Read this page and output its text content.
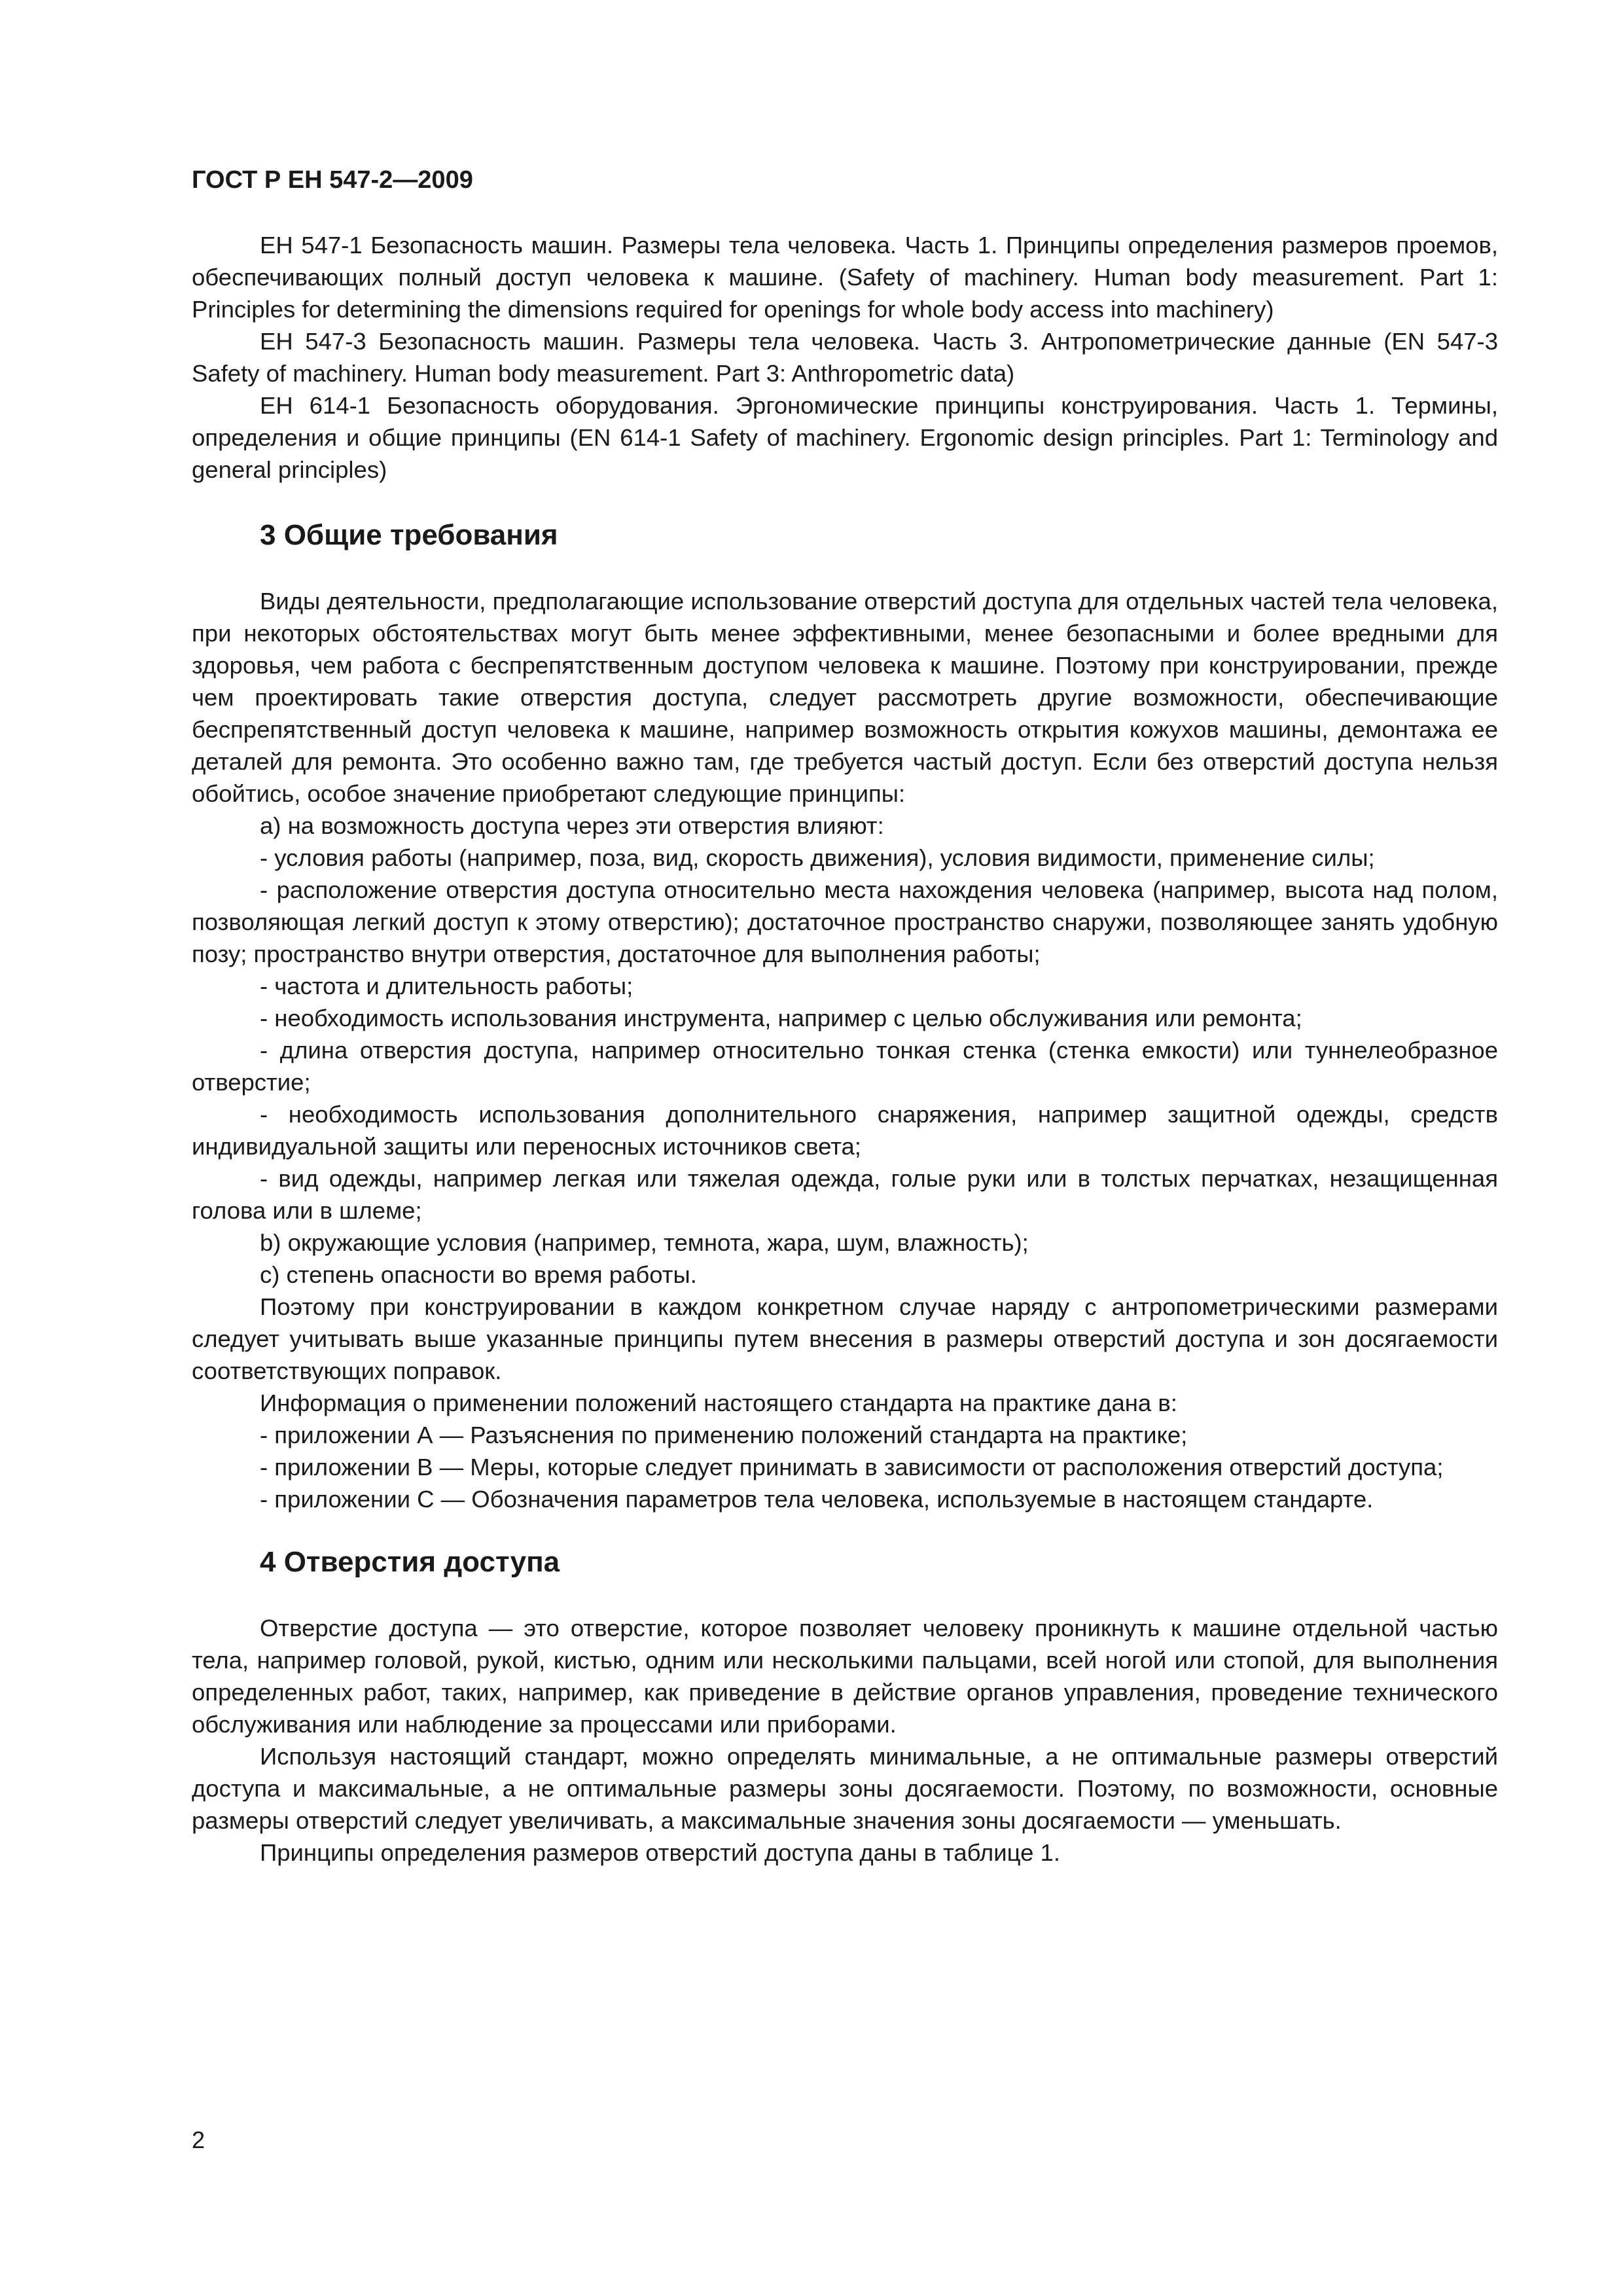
ГОСТ Р ЕН 547-2—2009

ЕН 547-1 Безопасность машин. Размеры тела человека. Часть 1. Принципы определения размеров проемов, обеспечивающих полный доступ человека к машине. (Safety of machinery. Human body measurement. Part 1: Principles for determining the dimensions required for openings for whole body access into machinery)

ЕН 547-3 Безопасность машин. Размеры тела человека. Часть 3. Антропометрические данные (EN 547-3 Safety of machinery. Human body measurement. Part 3: Anthropometric data)

ЕН 614-1 Безопасность оборудования. Эргономические принципы конструирования. Часть 1. Термины, определения и общие принципы (EN 614-1 Safety of machinery. Ergonomic design principles. Part 1: Terminology and general principles)

3 Общие требования

Виды деятельности, предполагающие использование отверстий доступа для отдельных частей тела человека, при некоторых обстоятельствах могут быть менее эффективными, менее безопасными и более вредными для здоровья, чем работа с беспрепятственным доступом человека к машине. Поэтому при конструировании, прежде чем проектировать такие отверстия доступа, следует рассмотреть другие возможности, обеспечивающие беспрепятственный доступ человека к машине, например возможность открытия кожухов машины, демонтажа ее деталей для ремонта. Это особенно важно там, где требуется частый доступ. Если без отверстий доступа нельзя обойтись, особое значение приобретают следующие принципы:

а) на возможность доступа через эти отверстия влияют:

- условия работы (например, поза, вид, скорость движения), условия видимости, применение силы;

- расположение отверстия доступа относительно места нахождения человека (например, высота над полом, позволяющая легкий доступ к этому отверстию); достаточное пространство снаружи, позволяющее занять удобную позу; пространство внутри отверстия, достаточное для выполнения работы;

- частота и длительность работы;

- необходимость использования инструмента, например с целью обслуживания или ремонта;

- длина отверстия доступа, например относительно тонкая стенка (стенка емкости) или туннелеобразное отверстие;

- необходимость использования дополнительного снаряжения, например защитной одежды, средств индивидуальной защиты или переносных источников света;

- вид одежды, например легкая или тяжелая одежда, голые руки или в толстых перчатках, незащищенная голова или в шлеме;

b) окружающие условия (например, темнота, жара, шум, влажность);

c) степень опасности во время работы.

Поэтому при конструировании в каждом конкретном случае наряду с антропометрическими размерами следует учитывать выше указанные принципы путем внесения в размеры отверстий доступа и зон досягаемости соответствующих поправок.

Информация о применении положений настоящего стандарта на практике дана в:

- приложении А — Разъяснения по применению положений стандарта на практике;

- приложении В — Меры, которые следует принимать в зависимости от расположения отверстий доступа;

- приложении С — Обозначения параметров тела человека, используемые в настоящем стандарте.

4 Отверстия доступа

Отверстие доступа — это отверстие, которое позволяет человеку проникнуть к машине отдельной частью тела, например головой, рукой, кистью, одним или несколькими пальцами, всей ногой или стопой, для выполнения определенных работ, таких, например, как приведение в действие органов управления, проведение технического обслуживания или наблюдение за процессами или приборами.

Используя настоящий стандарт, можно определять минимальные, а не оптимальные размеры отверстий доступа и максимальные, а не оптимальные размеры зоны досягаемости. Поэтому, по возможности, основные размеры отверстий следует увеличивать, а максимальные значения зоны досягаемости — уменьшать.

Принципы определения размеров отверстий доступа даны в таблице 1.

2
